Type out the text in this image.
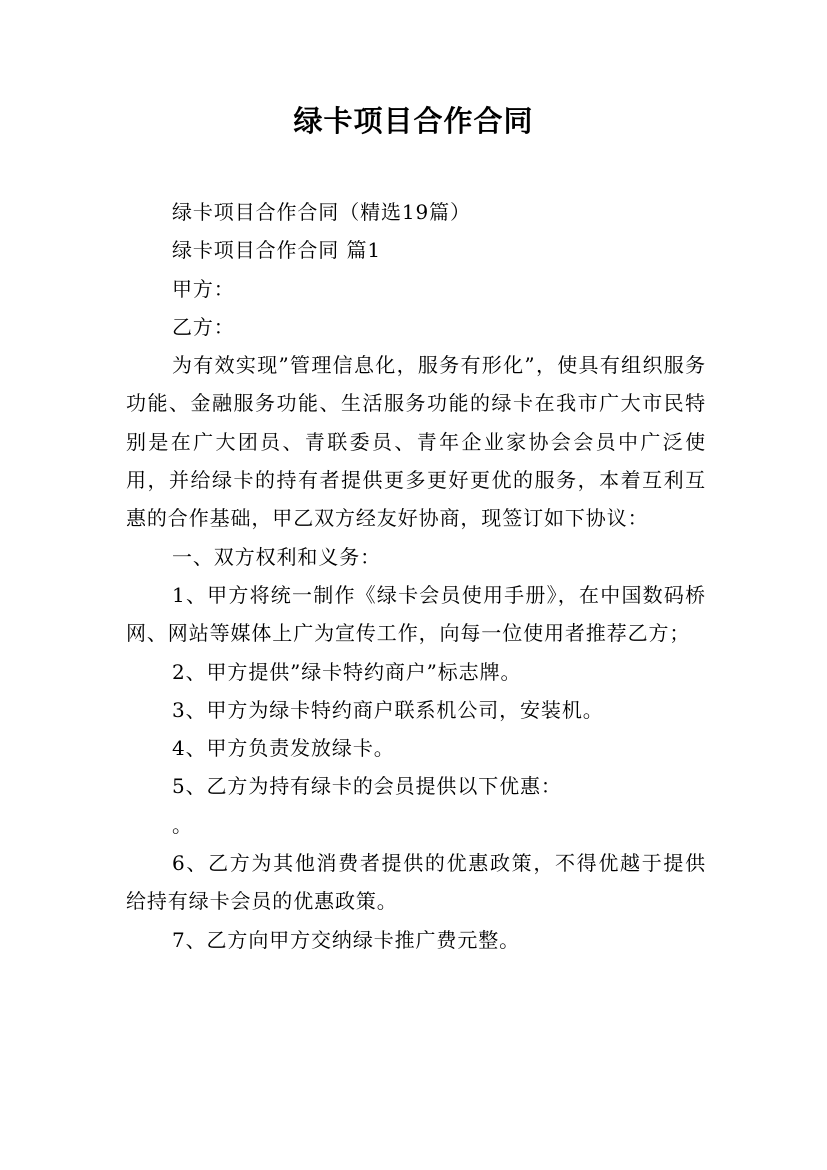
绿卡项目合作合同

绿卡项目合作合同（精选19篇）

绿卡项目合作合同 篇1

甲方：

乙方：

为有效实现”管理信息化，服务有形化”，使具有组织服务功能、金融服务功能、生活服务功能的绿卡在我市广大市民特别是在广大团员、青联委员、青年企业家协会会员中广泛使用，并给绿卡的持有者提供更多更好更优的服务，本着互利互惠的合作基础，甲乙双方经友好协商，现签订如下协议：

一、双方权利和义务：

1、甲方将统一制作《绿卡会员使用手册》，在中国数码桥网、网站等媒体上广为宣传工作，向每一位使用者推荐乙方；

2、甲方提供”绿卡特约商户”标志牌。

3、甲方为绿卡特约商户联系机公司，安装机。

4、甲方负责发放绿卡。

5、乙方为持有绿卡的会员提供以下优惠：

。

6、乙方为其他消费者提供的优惠政策，不得优越于提供给持有绿卡会员的优惠政策。

7、乙方向甲方交纳绿卡推广费元整。
